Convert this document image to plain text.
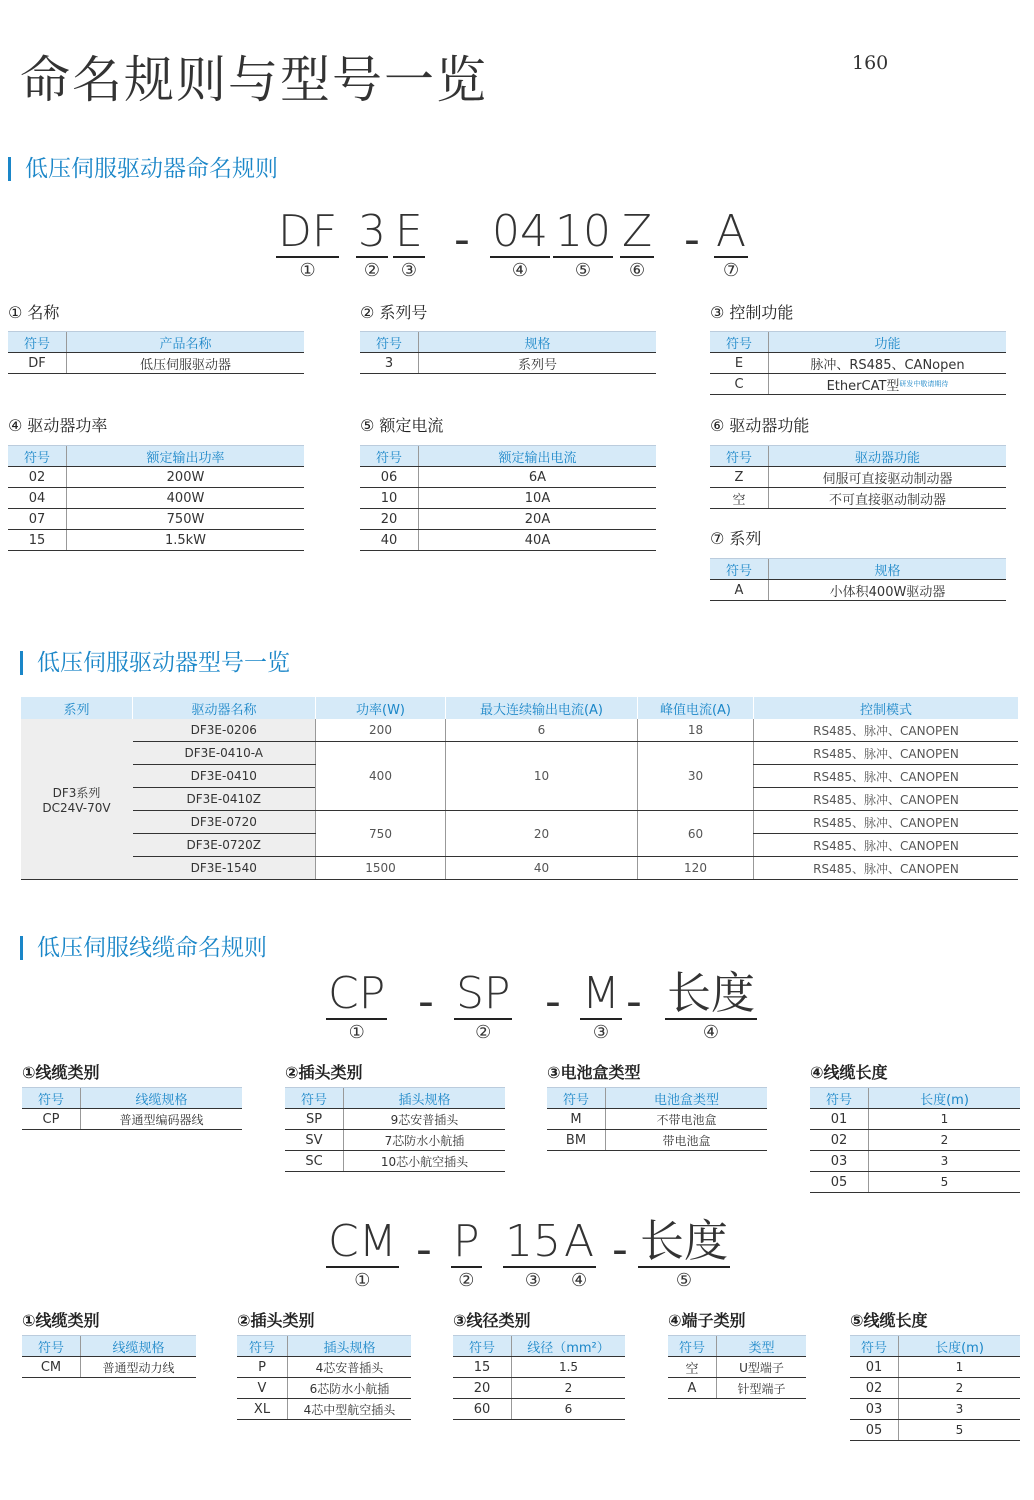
命名规则与型号一览	160
低压伺服驱动器命名规则
DF
①
3
②
E
③
- 04
④
10
⑤
Z
⑥
- A
⑦
① 名称
符号	产品名称
DF	低压伺服驱动器
② 系列号
符号	规格
3	系列号
③ 控制功能
符号	功能
E	脉冲、RS485、CANopen
C	EtherCAT型$^{研发中敬请期待}$
④ 驱动器功率
符号	额定输出功率
02	200W
04	400W
07	750W
15	1.5kW
⑤ 额定电流
符号	额定输出电流
06	6A
10	10A
20	20A
40	40A
⑥ 驱动器功能
符号	驱动器功能
Z	伺服可直接驱动制动器
空	不可直接驱动制动器
⑦ 系列
符号	规格
A	小体积400W驱动器
低压伺服驱动器型号一览
系列	驱动器名称	功率(W)	最大连续输出电流(A)	峰值电流(A)	控制模式
DF3系列
DC24V-70V	DF3E-0206	200	6	18	RS485、脉冲、CANOPEN
	DF3E-0410-A	400	10	30	RS485、脉冲、CANOPEN
	DF3E-0410				RS485、脉冲、CANOPEN
	DF3E-0410Z				RS485、脉冲、CANOPEN
	DF3E-0720	750	20	60	RS485、脉冲、CANOPEN
	DF3E-0720Z				RS485、脉冲、CANOPEN
	DF3E-1540	1500	40	120	RS485、脉冲、CANOPEN
低压伺服线缆命名规则
CP
①
- SP
②
- M
③
- 长度
④
①线缆类别
符号	线缆规格
CP	普通型编码器线
②插头类别
符号	插头规格
SP	9芯安普插头
SV	7芯防水小航插
SC	10芯小航空插头
③电池盒类型
符号	电池盒类型
M	不带电池盒
BM	带电池盒
④线缆长度
符号	长度(m)
01	1
02	2
03	3
05	5
CM
①
- P
②
15
③
A
④
- 长度
⑤
①线缆类别
符号	线缆规格
CM	普通型动力线
②插头类别
符号	插头规格
P	4芯安普插头
V	6芯防水小航插
XL	4芯中型航空插头
③线径类别
符号	线径（mm²）
15	1.5
20	2
60	6
④端子类别
符号	类型
空	U型端子
A	针型端子
⑤线缆长度
符号	长度(m)
01	1
02	2
03	3
05	5
